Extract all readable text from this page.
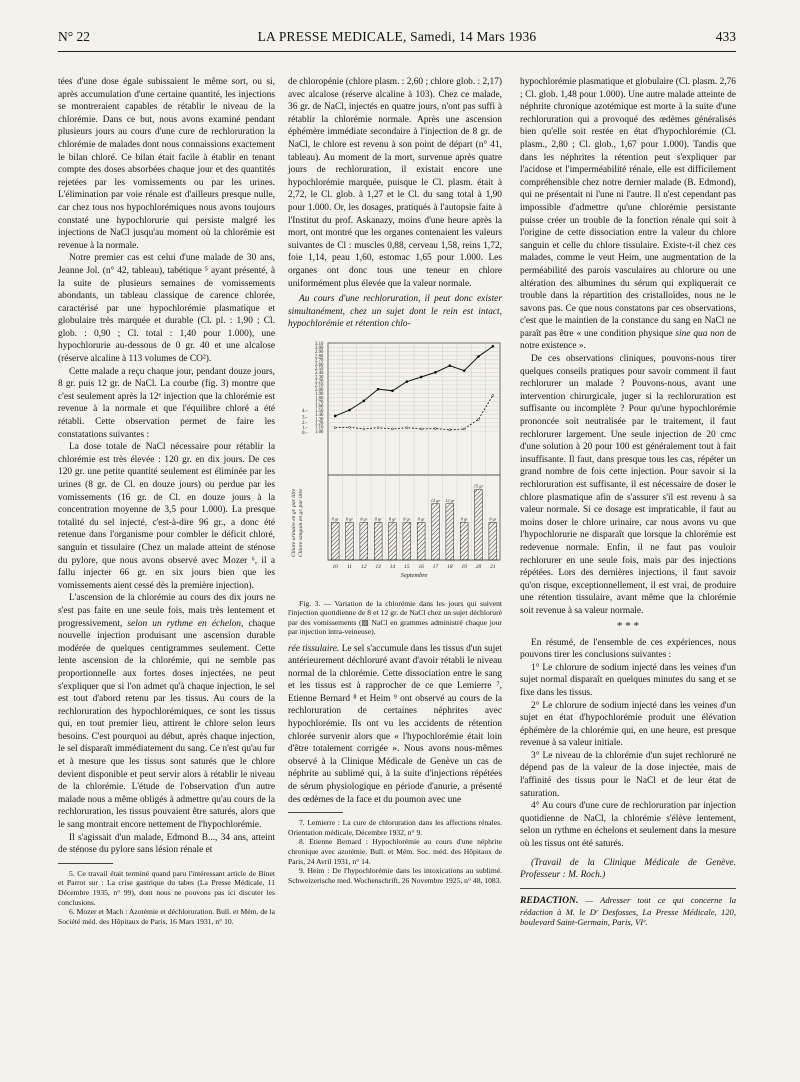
N° 22	LA PRESSE MEDICALE, Samedi, 14 Mars 1936	433

tées d'une dose égale subissaient le même sort, ou si, après accumulation d'une certaine quantité, les injections se montreraient capables de rétablir le niveau de la chlorémie. Dans ce but, nous avons examiné pendant plusieurs jours au cours d'une cure de rechloruration la chlorémie de malades dont nous connaissions exactement le bilan chloré. Ce bilan était facile à établir en tenant compte des doses absorbées chaque jour et des quantités rejetées par les vomissements ou par les urines. L'élimination par voie rénale est d'ailleurs presque nulle, car chez tous nos hypochlorémiques nous avons toujours constaté une hypochlorurie qui persiste malgré les injections de NaCl jusqu'au moment où la chlorémie est revenue à la normale.

Notre premier cas est celui d'une malade de 30 ans, Jeanne Jol. (n° 42, tableau), tabétique ⁵ ayant présenté, à la suite de plusieurs semaines de vomissements abondants, un tableau classique de carence chlorée, caractérisé par une hypochlorémie plasmatique et globulaire très marquée et durable (Cl. pl. : 1,90 ; Cl. glob. : 0,90 ; Cl. total : 1,40 pour 1.000), une hypochlorurie au-dessous de 0 gr. 40 et une alcalose (réserve alcaline à 113 volumes de CO²).

Cette malade a reçu chaque jour, pendant douze jours, 8 gr. puis 12 gr. de NaCl. La courbe (fig. 3) montre que c'est seulement après la 12ᵉ injection que la chlorémie est revenue à la normale et que l'équilibre chloré a été rétabli. Cette observation permet de faire les constatations suivantes :

La dose totale de NaCl nécessaire pour rétablir la chlorémie est très élevée : 120 gr. en dix jours. De ces 120 gr. une petite quantité seulement est éliminée par les urines (8 gr. de Cl. en douze jours) ou perdue par les vomissements (16 gr. de Cl. en douze jours à la concentration moyenne de 3,5 pour 1.000). La presque totalité du sel injecté, c'est-à-dire 96 gr., a donc été retenue dans l'organisme pour combler le déficit chloré, sanguin et tissulaire (Chez un malade atteint de sténose du pylore, que nous avons observé avec Mozer ⁶, il a fallu injecter 66 gr. en six jours bien que les vomissements aient cessé dès la première injection).

L'ascension de la chlorémie au cours des dix jours ne s'est pas faite en une seule fois, mais très lentement et progressivement, selon un rythme en échelon, chaque nouvelle injection produisant une ascension durable modérée de quelques centigrammes seulement. Cette lente ascension de la chlorémie, qui ne semble pas proportionnelle aux fortes doses injectées, ne peut s'expliquer que si l'on admet qu'à chaque injection, le sel est tout d'abord retenu par les tissus. Au cours de la rechloruration des hypochlorémiques, ce sont les tissus qui, en tout premier lieu, attirent le chlore selon leurs besoins. C'est pourquoi au début, après chaque injection, le sel disparaît immédiatement du sang. Ce n'est qu'au fur et à mesure que les tissus sont saturés que le chlore devient disponible et peut servir alors à rétablir le niveau de la chlorémie. L'étude de l'observation d'un autre malade nous a même obligés à admettre qu'au cours de la rechloruration, les tissus pouvaient être saturés, alors que le sang montrait encore nettement de l'hypochlorémie.

Il s'agissait d'un malade, Edmond B..., 34 ans, atteint de sténose du pylore sans lésion rénale et

5. Ce travail était terminé quand paru l'intéressant article de Binet et Parrot sur : La crise gastrique du tabes (La Presse Médicale, 11 Décembre 1935, n° 99), dont nous ne pouvons pas ici discuter les conclusions.

6. Mozer et Mach : Azotémie et déchloruration. Bull. et Mém. de la Société méd. des Hôpitaux de Paris, 16 Mars 1931, n° 10.

de chloropénie (chlore plasm. : 2,60 ; chlore glob. : 2,17) avec alcalose (réserve alcaline à 103). Chez ce malade, 36 gr. de NaCl, injectés en quatre jours, n'ont pas suffi à rétablir la chlorémie normale. Après une ascension éphémère immédiate secondaire à l'injection de 8 gr. de NaCl, le chlore est revenu à son point de départ (n° 41, tableau). Au moment de la mort, survenue après quatre jours de rechloruration, il existait encore une hypochlorémie marquée, puisque le Cl. plasm. était à 2,72, le Cl. glob. à 1,27 et le Cl. du sang total à 1,90 pour 1.000. Or, les dosages, pratiqués à l'autopsie faite à l'Institut du prof. Askanazy, moins d'une heure après la mort, ont montré que les organes contenaient les valeurs suivantes de Cl : muscles 0,88, cerveau 1,58, reins 1,72, foie 1,14, peau 1,60, estomac 1,65 pour 1.000. Les organes ont donc tous une teneur en chlore uniformément plus élevée que la valeur normale.

Au cours d'une rechloruration, il peut donc exister simultanément, chez un sujet dont le rein est intact, hypochlorémie et rétention chlo-

3.10
3.00
2.90
2.80
2.70
2.60
2.50
2.40
2.30
2.20
2.10
2.00
1.90
1.80
1.70
1.60
1.50
1.40
1.30
1.20
1.10
1.00
4.-
3.-
2.-
1.-
0.-
Chlore urinaire en gr. par litre Chlore sanguin en gr. par litre	8 gr 8 gr 8 gr 8 gr 8 gr 8 gr 8 gr
12 gr 12 gr
8 gr
15 gr
8 gr
10 11 12 13 14 15 16 17 18 19 20 21
Septembre

Fig. 3. — Variation de la chlorémie dans les jours qui suivent l'injection quotidienne de 8 et 12 gr. de NaCl chez un sujet déchloruré par des vomissements (▨ NaCl en grammes administré chaque jour par injection intra-veineuse).

rée tissulaire. Le sel s'accumule dans les tissus d'un sujet antérieurement déchloruré avant d'avoir rétabli le niveau normal de la chlorémie. Cette dissociation entre le sang et les tissus est à rapprocher de ce que Lemierre ⁷, Etienne Bernard ⁸ et Heim ⁹ ont observé au cours de la rechloruration de certaines néphrites avec hypochlorémie. Ils ont vu les accidents de rétention chlorée survenir alors que « l'hypochlorémie était loin d'être totalement corrigée ». Nous avons nous-mêmes observé à la Clinique Médicale de Genève un cas de néphrite au sublimé qui, à la suite d'injections répétées de sérum physiologique en période d'anurie, a présenté des œdèmes de la face et du poumon avec une

7. Lemierre : La cure de chloruration dans les affections rénales. Orientation médicale, Décembre 1932, n° 9.

8. Etienne Bernard : Hypochlorémie au cours d'une néphrite chronique avec azotémie. Bull. et Mém. Soc. méd. des Hôpitaux de Paris, 24 Avril 1931, n° 14.

9. Heim : De l'hypochlorémie dans les intoxications au sublimé. Schweizerische med. Wochenschrift, 26 Novembre 1925, n° 48, 1083.

hypochlorémie plasmatique et globulaire (Cl. plasm. 2,76 ; Cl. glob. 1,48 pour 1.000). Une autre malade atteinte de néphrite chronique azotémique est morte à la suite d'une rechloruration qui a provoqué des œdèmes généralisés bien qu'elle soit restée en état d'hypochlorémie (Cl. plasm., 2,80 ; Cl. glob., 1,67 pour 1.000). Tandis que dans les néphrites la rétention peut s'expliquer par l'acidose et l'imperméabilité rénale, elle est difficilement compréhensible chez notre dernier malade (B. Edmond), qui ne présentait ni l'une ni l'autre. Il n'est cependant pas impossible d'admettre qu'une chlorémie persistante puisse créer un trouble de la fonction rénale qui soit à l'origine de cette dissociation entre la valeur du chlore sanguin et celle du chlore tissulaire. Existe-t-il chez ces malades, comme le veut Heim, une augmentation de la perméabilité des parois vasculaires au chlorure ou une altération des albumines du sérum qui expliquerait ce trouble dans la répartition des cristalloïdes, nous ne le savons pas. Ce que nous constatons par ces observations, c'est que le maintien de la constance du sang en NaCl ne paraît pas être « une condition physique sine qua non de notre existence ».

De ces observations cliniques, pouvons-nous tirer quelques conseils pratiques pour savoir comment il faut rechlorurer un malade ? Pouvons-nous, avant une intervention chirurgicale, juger si la rechloruration est suffisante ou incomplète ? Pour qu'une hypochlorémie prononcée soit neutralisée par le traitement, il faut rechlorurer largement. Une seule injection de 20 cmc d'une solution à 20 pour 100 est généralement tout à fait insuffisante. Il faut, dans presque tous les cas, répéter un grand nombre de fois cette injection. Pour savoir si la rechloruration est suffisante, il est nécessaire de doser le chlore plasmatique afin de s'assurer s'il est revenu à sa valeur normale. Si ce dosage est impraticable, il faut au moins doser le chlore urinaire, car nous avons vu que l'hypochlorurie ne disparaît que lorsque la chlorémie est redevenue normale. Enfin, il ne faut pas vouloir rechlorurer en une seule fois, mais par des injections répétées. Lors des dernières injections, il faut savoir qu'on risque, exceptionnellement, il est vrai, de produire une rétention tissulaire, avant même que la chlorémie soit revenue à sa valeur normale.

* * *

En résumé, de l'ensemble de ces expériences, nous pouvons tirer les conclusions suivantes :

1° Le chlorure de sodium injecté dans les veines d'un sujet normal disparaît en quelques minutes du sang et se fixe dans les tissus.

2° Le chlorure de sodium injecté dans les veines d'un sujet en état d'hypochlorémie produit une élévation éphémère de la chlorémie qui, en une heure, est presque revenue à sa valeur initiale.

3° Le niveau de la chlorémie d'un sujet rechloruré ne dépend pas de la valeur de la dose injectée, mais de l'affinité des tissus pour le NaCl et de leur état de saturation.

4° Au cours d'une cure de rechloruration par injection quotidienne de NaCl, la chlorémie s'élève lentement, selon un rythme en échelons et seulement dans la mesure où les tissus ont été saturés.

(Travail de la Clinique Médicale de Genève. Professeur : M. Roch.)

REDACTION. — Adresser tout ce qui concerne la rédaction à M. le Dʳ Desfosses, La Presse Médicale, 120, boulevard Saint-Germain, Paris, VIᵉ.
